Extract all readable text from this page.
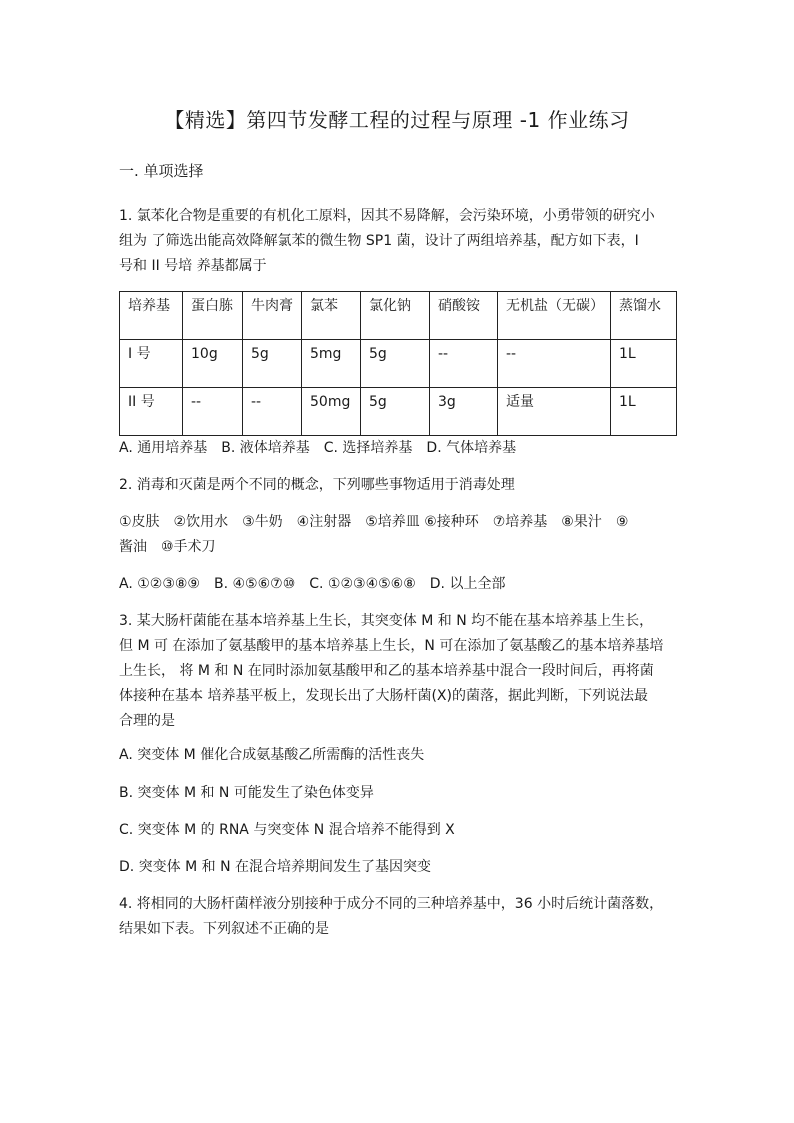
【精选】第四节发酵工程的过程与原理 -1 作业练习
一. 单项选择

1. 氯苯化合物是重要的有机化工原料，因其不易降解，会污染环境，小勇带领的研究小

组为 了筛选出能高效降解氯苯的微生物 SP1 菌，设计了两组培养基，配方如下表，I

号和 II 号培 养基都属于

培养基	蛋白胨	牛肉膏	氯苯	氯化钠	硝酸铵	无机盐（无碳）	蒸馏水
I 号	10g	5g	5mg	5g	--	--	1L
II 号	--	--	50mg	5g	3g	适量	1L
A. 通用培养基　B. 液体培养基　C. 选择培养基　D. 气体培养基
2. 消毒和灭菌是两个不同的概念，下列哪些事物适用于消毒处理

①皮肤　②饮用水　③牛奶　④注射器　⑤培养皿 ⑥接种环　⑦培养基　⑧果汁　⑨

酱油　⑩手术刀

A. ①②③⑧⑨　B. ④⑤⑥⑦⑩　C. ①②③④⑤⑥⑧　D. 以上全部

3. 某大肠杆菌能在基本培养基上生长，其突变体 M 和 N 均不能在基本培养基上生长，

但 M 可 在添加了氨基酸甲的基本培养基上生长，N 可在添加了氨基酸乙的基本培养基培

上生长， 将 M 和 N 在同时添加氨基酸甲和乙的基本培养基中混合一段时间后，再将菌

体接种在基本 培养基平板上，发现长出了大肠杆菌(X)的菌落，据此判断，下列说法最

合理的是

A. 突变体 M 催化合成氨基酸乙所需酶的活性丧失
B. 突变体 M 和 N 可能发生了染色体变异
C. 突变体 M 的 RNA 与突变体 N 混合培养不能得到 X
D. 突变体 M 和 N 在混合培养期间发生了基因突变

4. 将相同的大肠杆菌样液分别接种于成分不同的三种培养基中，36 小时后统计菌落数，

结果如下表。下列叙述不正确的是
